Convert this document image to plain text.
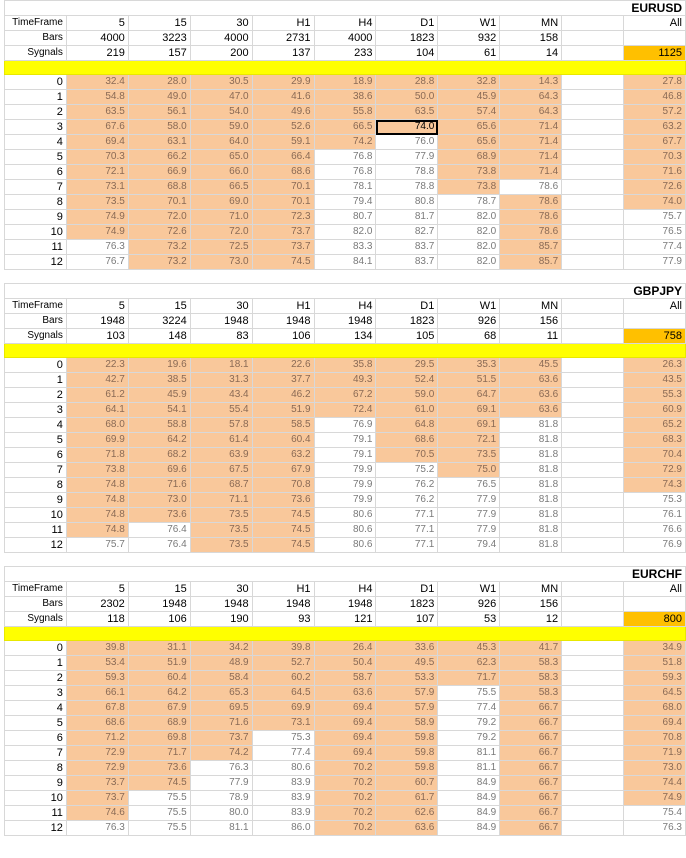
EURUSD										
TimeFrame	5	15	30	H1	H4	D1	W1	MN		All
Bars	4000	3223	4000	2731	4000	1823	932	158		
Sygnals	219	157	200	137	233	104	61	14		1125

0	32.4	28.0	30.5	29.9	18.9	28.8	32.8	14.3		27.8
1	54.8	49.0	47.0	41.6	38.6	50.0	45.9	64.3		46.8
2	63.5	56.1	54.0	49.6	55.8	63.5	57.4	64.3		57.2
3	67.6	58.0	59.0	52.6	66.5	74.0	65.6	71.4		63.2
4	69.4	63.1	64.0	59.1	74.2	76.0	65.6	71.4		67.7
5	70.3	66.2	65.0	66.4	76.8	77.9	68.9	71.4		70.3
6	72.1	66.9	66.0	68.6	76.8	78.8	73.8	71.4		71.6
7	73.1	68.8	66.5	70.1	78.1	78.8	73.8	78.6		72.6
8	73.5	70.1	69.0	70.1	79.4	80.8	78.7	78.6		74.0
9	74.9	72.0	71.0	72.3	80.7	81.7	82.0	78.6		75.7
10	74.9	72.6	72.0	73.7	82.0	82.7	82.0	78.6		76.5
11	76.3	73.2	72.5	73.7	83.3	83.7	82.0	85.7		77.4
12	76.7	73.2	73.0	74.5	84.1	83.7	82.0	85.7		77.9

GBPJPY										
TimeFrame	5	15	30	H1	H4	D1	W1	MN		All
Bars	1948	3224	1948	1948	1948	1823	926	156		
Sygnals	103	148	83	106	134	105	68	11		758

0	22.3	19.6	18.1	22.6	35.8	29.5	35.3	45.5		26.3
1	42.7	38.5	31.3	37.7	49.3	52.4	51.5	63.6		43.5
2	61.2	45.9	43.4	46.2	67.2	59.0	64.7	63.6		55.3
3	64.1	54.1	55.4	51.9	72.4	61.0	69.1	63.6		60.9
4	68.0	58.8	57.8	58.5	76.9	64.8	69.1	81.8		65.2
5	69.9	64.2	61.4	60.4	79.1	68.6	72.1	81.8		68.3
6	71.8	68.2	63.9	63.2	79.1	70.5	73.5	81.8		70.4
7	73.8	69.6	67.5	67.9	79.9	75.2	75.0	81.8		72.9
8	74.8	71.6	68.7	70.8	79.9	76.2	76.5	81.8		74.3
9	74.8	73.0	71.1	73.6	79.9	76.2	77.9	81.8		75.3
10	74.8	73.6	73.5	74.5	80.6	77.1	77.9	81.8		76.1
11	74.8	76.4	73.5	74.5	80.6	77.1	77.9	81.8		76.6
12	75.7	76.4	73.5	74.5	80.6	77.1	79.4	81.8		76.9

EURCHF										
TimeFrame	5	15	30	H1	H4	D1	W1	MN		All
Bars	2302	1948	1948	1948	1948	1823	926	156		
Sygnals	118	106	190	93	121	107	53	12		800

0	39.8	31.1	34.2	39.8	26.4	33.6	45.3	41.7		34.9
1	53.4	51.9	48.9	52.7	50.4	49.5	62.3	58.3		51.8
2	59.3	60.4	58.4	60.2	58.7	53.3	71.7	58.3		59.3
3	66.1	64.2	65.3	64.5	63.6	57.9	75.5	58.3		64.5
4	67.8	67.9	69.5	69.9	69.4	57.9	77.4	66.7		68.0
5	68.6	68.9	71.6	73.1	69.4	58.9	79.2	66.7		69.4
6	71.2	69.8	73.7	75.3	69.4	59.8	79.2	66.7		70.8
7	72.9	71.7	74.2	77.4	69.4	59.8	81.1	66.7		71.9
8	72.9	73.6	76.3	80.6	70.2	59.8	81.1	66.7		73.0
9	73.7	74.5	77.9	83.9	70.2	60.7	84.9	66.7		74.4
10	73.7	75.5	78.9	83.9	70.2	61.7	84.9	66.7		74.9
11	74.6	75.5	80.0	83.9	70.2	62.6	84.9	66.7		75.4
12	76.3	75.5	81.1	86.0	70.2	63.6	84.9	66.7		76.3
